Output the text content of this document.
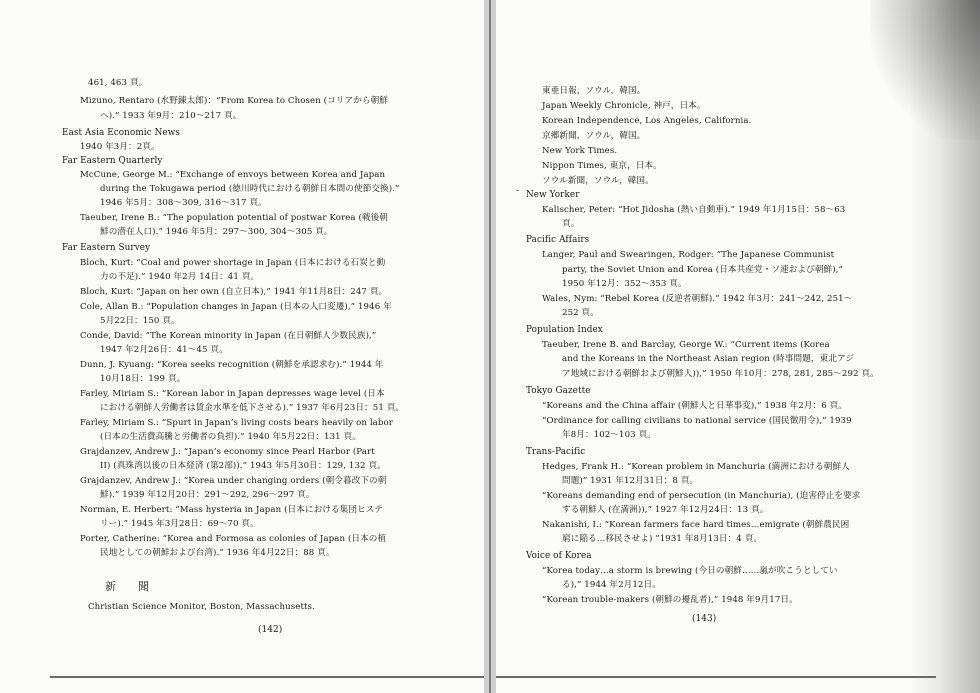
461, 463 頁。
Mizuno, Rentaro (水野錬太郎)：“From Korea to Chosen (コリアから朝鮮
へ).” 1933 年9月：210～217 頁。
East Asia Economic News
1940 年3月：2頁。
Far Eastern Quarterly
McCune, George M.: “Exchange of envoys between Korea and Japan
during the Tokugawa period (徳川時代における朝鮮日本間の使節交換).”
1946 年5月：308～309, 316～317 頁。
Taeuber, Irene B.: “The population potential of postwar Korea (戦後朝
鮮の潜在人口).” 1946 年5月：297～300, 304～305 頁。
Far Eastern Survey
Bloch, Kurt: “Coal and power shortage in Japan (日本における石炭と動
力の不足).” 1940 年2月 14日：41 頁。
Bloch, Kurt: “Japan on her own (自立日本),” 1941 年11月8日：247 頁。
Cole, Allan B.: “Population changes in Japan (日本の人口変遷),” 1946 年
5月22日：150 頁。
Conde, David: “The Korean minority in Japan (在日朝鮮人少数民族),”
1947 年2月26日：41～45 頁。
Dunn, J. Kyuang: “Korea seeks recognition (朝鮮を承認求む).” 1944 年
10月18日：199 頁。
Farley, Miriam S.: “Korean labor in Japan depresses wage level (日本
における朝鮮人労働者は賃金水準を低下させる).” 1937 年6月23日：51 頁。
Farley, Miriam S.: “Spurt in Japan’s living costs bears heavily on labor
(日本の生活費高騰と労働者の負担).” 1940 年5月22日：131 頁。
Grajdanzev, Andrew J.: “Japan’s economy since Pearl Harbor (Part
II) (真珠湾以後の日本経済 (第2部)).” 1943 年5月30日：129, 132 頁。
Grajdanzev, Andrew J.: “Korea under changing orders (朝令暮改下の朝
鮮).” 1939 年12月20日：291～292, 296～297 頁。
Norman, E. Herbert: “Mass hysteria in Japan (日本における集団ヒステ
リー).” 1945 年3月28日：69～70 頁。
Porter, Catherine: “Korea and Formosa as colonies of Japan (日本の植
民地としての朝鮮および台湾).” 1936 年4月22日：88 頁。
新　　聞
Christian Science Monitor, Boston, Massachusetts.
(142)
東亜日報，ソウル，韓国。
Japan Weekly Chronicle, 神戸，日本。
Korean Independence, Los Angeles, California.
京郷新聞，ソウル，韓国。
New York Times.
Nippon Times, 東京，日本。
ソウル新聞，ソウル，韓国。
- New Yorker
Kalischer, Peter: “Hot Jidosha (熱い自動車).” 1949 年1月15日：58～63
頁。
Pacific Affairs
Langer, Paul and Swearingen, Rodger: “The Japanese Communist
party, the Soviet Union and Korea (日本共産党・ソ連および朝鮮),”
1950 年12月：352～353 頁。
Wales, Nym: “Rebel Korea (反逆者朝鮮).” 1942 年3月：241～242, 251～
252 頁。
Population Index
Taeuber, Irene B. and Barclay, George W.: “Current items (Korea
and the Koreans in the Northeast Asian region (時事問題，東北アジ
ア地域における朝鮮および朝鮮人)),” 1950 年10月：278, 281, 285～292 頁。
Tokyo Gazette
“Koreans and the China affair (朝鮮人と日華事変),” 1938 年2月：6 頁。
“Ordinance for calling civilians to national service (国民徴用令),” 1939
年8月：102～103 頁。
Trans-Pacific
Hedges, Frank H.: “Korean problem in Manchuria (満洲における朝鮮人
問題)” 1931 年12月31日：8 頁。
“Koreans demanding end of persecution (in Manchuria), (迫害停止を要求
する朝鮮人 (在満洲)),” 1927 年12月24日：13 頁。
Nakanishi, I.: “Korean farmers face hard times…emigrate (朝鮮農民困
窮に陥る…移民させよ) ”1931 年8月13日：4 頁。
Voice of Korea
“Korea today…a storm is brewing (今日の朝鮮……嵐が吹こうとしてい
る),” 1944 年2月12日。
“Korean trouble-makers (朝鮮の擾乱者),” 1948 年9月17日。
(143)
